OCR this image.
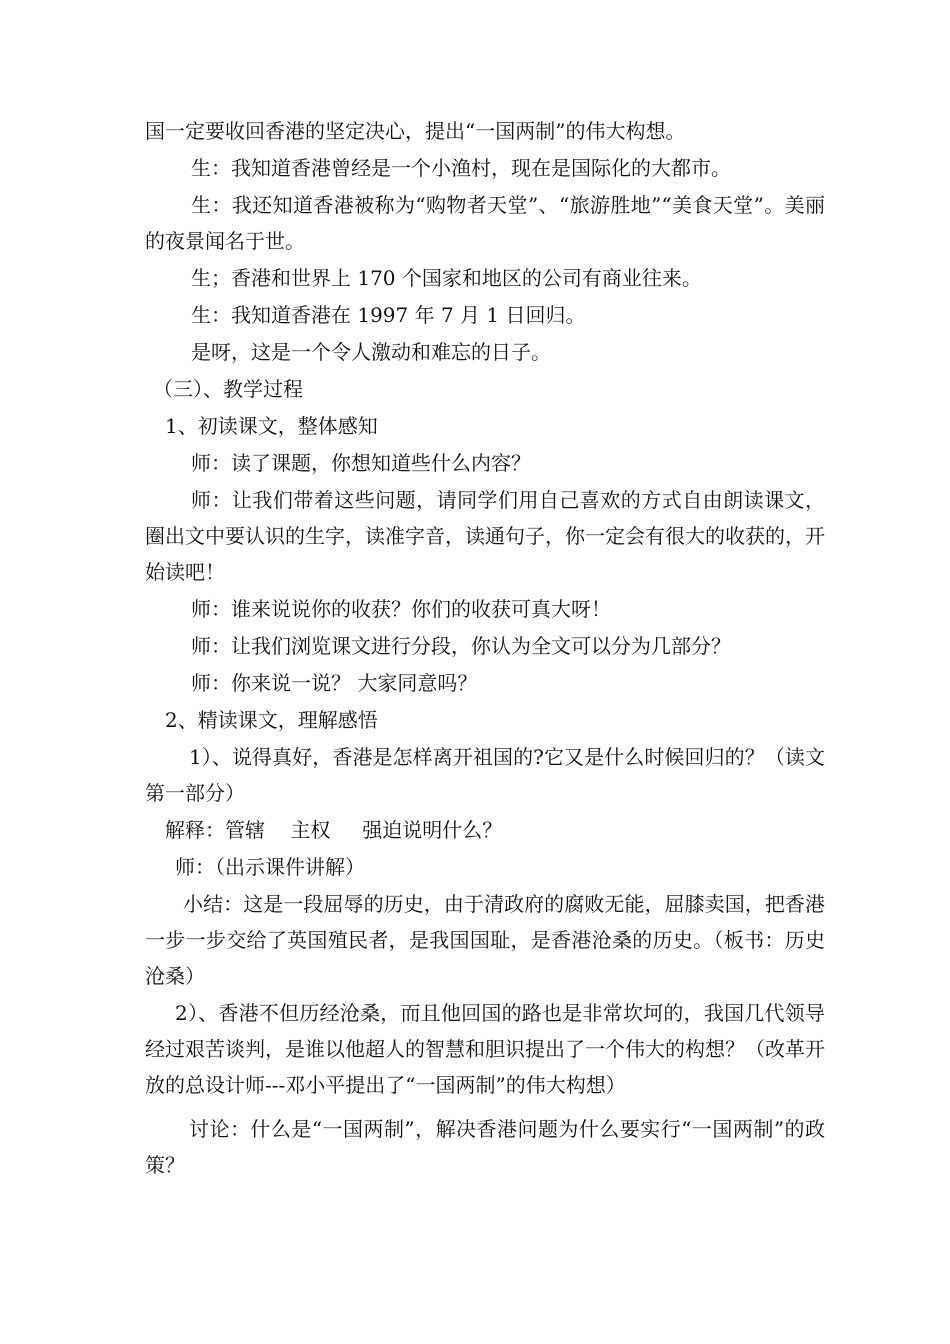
国一定要收回香港的坚定决心，提出“一国两制”的伟大构想。

生：我知道香港曾经是一个小渔村，现在是国际化的大都市。

生：我还知道香港被称为“购物者天堂”、“旅游胜地”“美食天堂”。美丽的夜景闻名于世。

生；香港和世界上 170 个国家和地区的公司有商业往来。

生：我知道香港在 1997 年 7 月 1 日回归。

是呀，这是一个令人激动和难忘的日子。

（三）、教学过程

1、初读课文，整体感知

师：读了课题，你想知道些什么内容？

师：让我们带着这些问题，请同学们用自己喜欢的方式自由朗读课文，圈出文中要认识的生字，读准字音，读通句子，你一定会有很大的收获的，开始读吧！

师：谁来说说你的收获？你们的收获可真大呀！

师：让我们浏览课文进行分段，你认为全文可以分为几部分？

师：你来说一说？ 大家同意吗？

2、精读课文，理解感悟

1）、说得真好，香港是怎样离开祖国的?它又是什么时候回归的？（读文第一部分）

解释：管辖    主权     强迫说明什么？

师：（出示课件讲解）

小结：这是一段屈辱的历史，由于清政府的腐败无能，屈膝卖国，把香港一步一步交给了英国殖民者，是我国国耻，是香港沧桑的历史。（板书：历史沧桑）

2）、香港不但历经沧桑，而且他回国的路也是非常坎坷的，我国几代领导经过艰苦谈判，是谁以他超人的智慧和胆识提出了一个伟大的构想？（改革开放的总设计师---邓小平提出了“一国两制”的伟大构想）

讨论：什么是“一国两制”，解决香港问题为什么要实行“一国两制”的政策？
